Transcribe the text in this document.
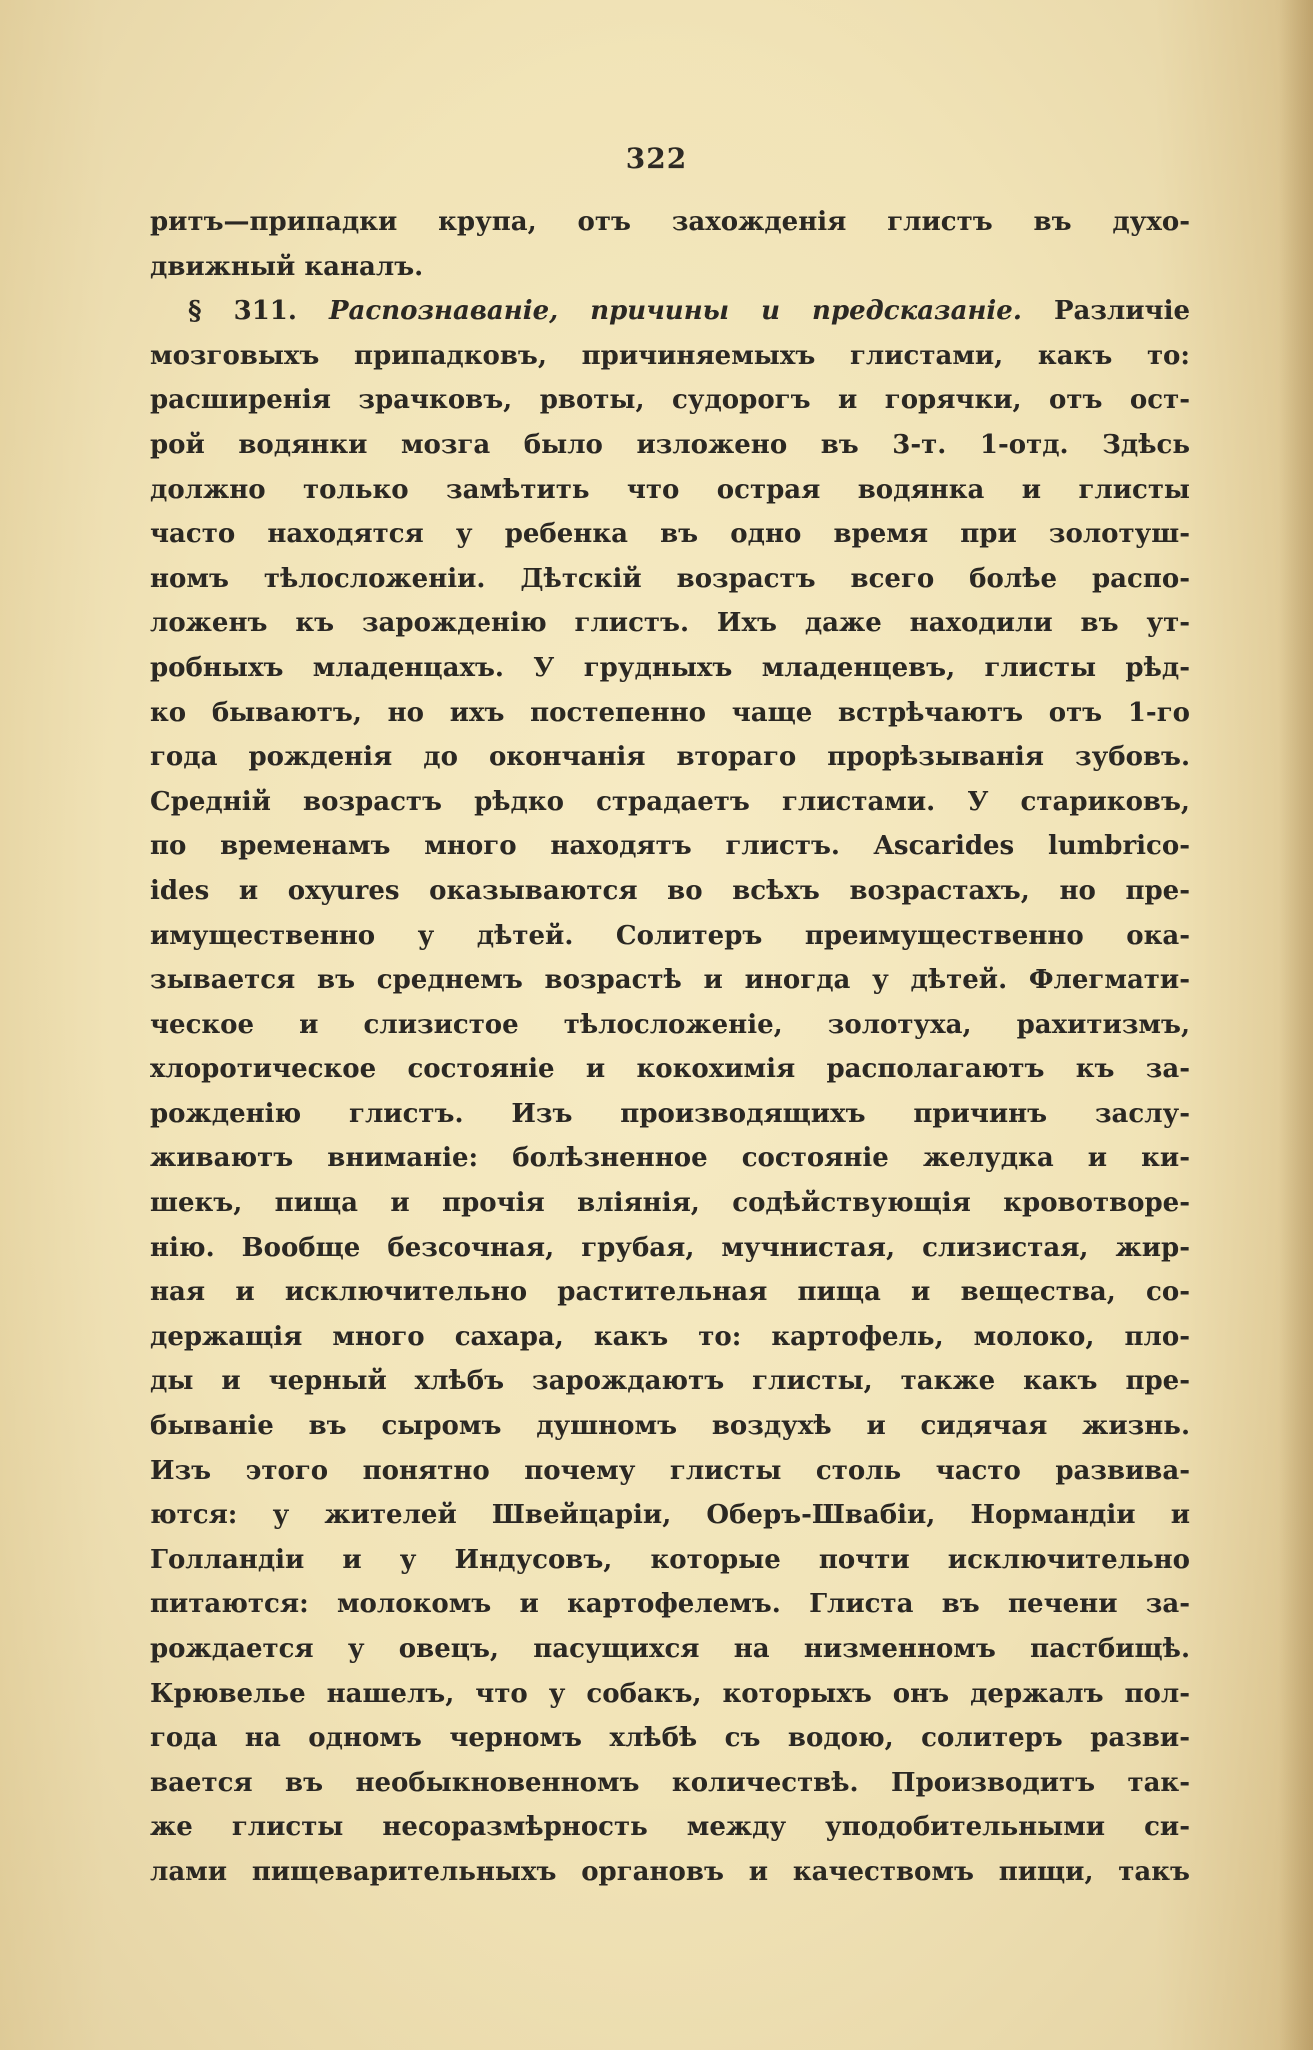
322
ритъ—припадки крупа, отъ захожденія глистъ въ духо-
движный каналъ.
§ 311. Распознаванiе, причины и предсказанiе. Различіе
мозговыхъ припадковъ, причиняемыхъ глистами, какъ то:
расширенія зрачковъ, рвоты, судорогъ и горячки, отъ ост-
рой водянки мозга было изложено въ 3-т. 1-отд. Здѣсь
должно только замѣтить что острая водянка и глисты
часто находятся у ребенка въ одно время при золотуш-
номъ тѣлосложеніи. Дѣтскій возрастъ всего болѣе распо-
ложенъ къ зарожденію глистъ. Ихъ даже находили въ ут-
робныхъ младенцахъ. У грудныхъ младенцевъ, глисты рѣд-
ко бываютъ, но ихъ постепенно чаще встрѣчаютъ отъ 1-го
года рожденія до окончанія втораго прорѣзыванія зубовъ.
Средній возрастъ рѣдко страдаетъ глистами. У стариковъ,
по временамъ много находятъ глистъ. Ascarides lumbrico-
ides и oxyures оказываются во всѣхъ возрастахъ, но пре-
имущественно у дѣтей. Солитеръ преимущественно ока-
зывается въ среднемъ возрастѣ и иногда у дѣтей. Флегмати-
ческое и слизистое тѣлосложеніе, золотуха, рахитизмъ,
хлоротическое состояніе и кокохимія располагаютъ къ за-
рожденію глистъ. Изъ производящихъ причинъ заслу-
живаютъ вниманіе: болѣзненное состояніе желудка и ки-
шекъ, пища и прочія вліянія, содѣйствующія кровотворе-
нію. Вообще безсочная, грубая, мучнистая, слизистая, жир-
ная и исключительно растительная пища и вещества, со-
держащія много сахара, какъ то: картофель, молоко, пло-
ды и черный хлѣбъ зарождаютъ глисты, также какъ пре-
бываніе въ сыромъ душномъ воздухѣ и сидячая жизнь.
Изъ этого понятно почему глисты столь часто развива-
ются: у жителей Швейцаріи, Оберъ-Швабіи, Нормандіи и
Голландіи и у Индусовъ, которые почти исключительно
питаются: молокомъ и картофелемъ. Глиста въ печени за-
рождается у овецъ, пасущихся на низменномъ пастбищѣ.
Крювелье нашелъ, что у собакъ, которыхъ онъ держалъ пол-
года на одномъ черномъ хлѣбѣ съ водою, солитеръ разви-
вается въ необыкновенномъ количествѣ. Производитъ так-
же глисты несоразмѣрность между уподобительными си-
лами пищеварительныхъ органовъ и качествомъ пищи, такъ
